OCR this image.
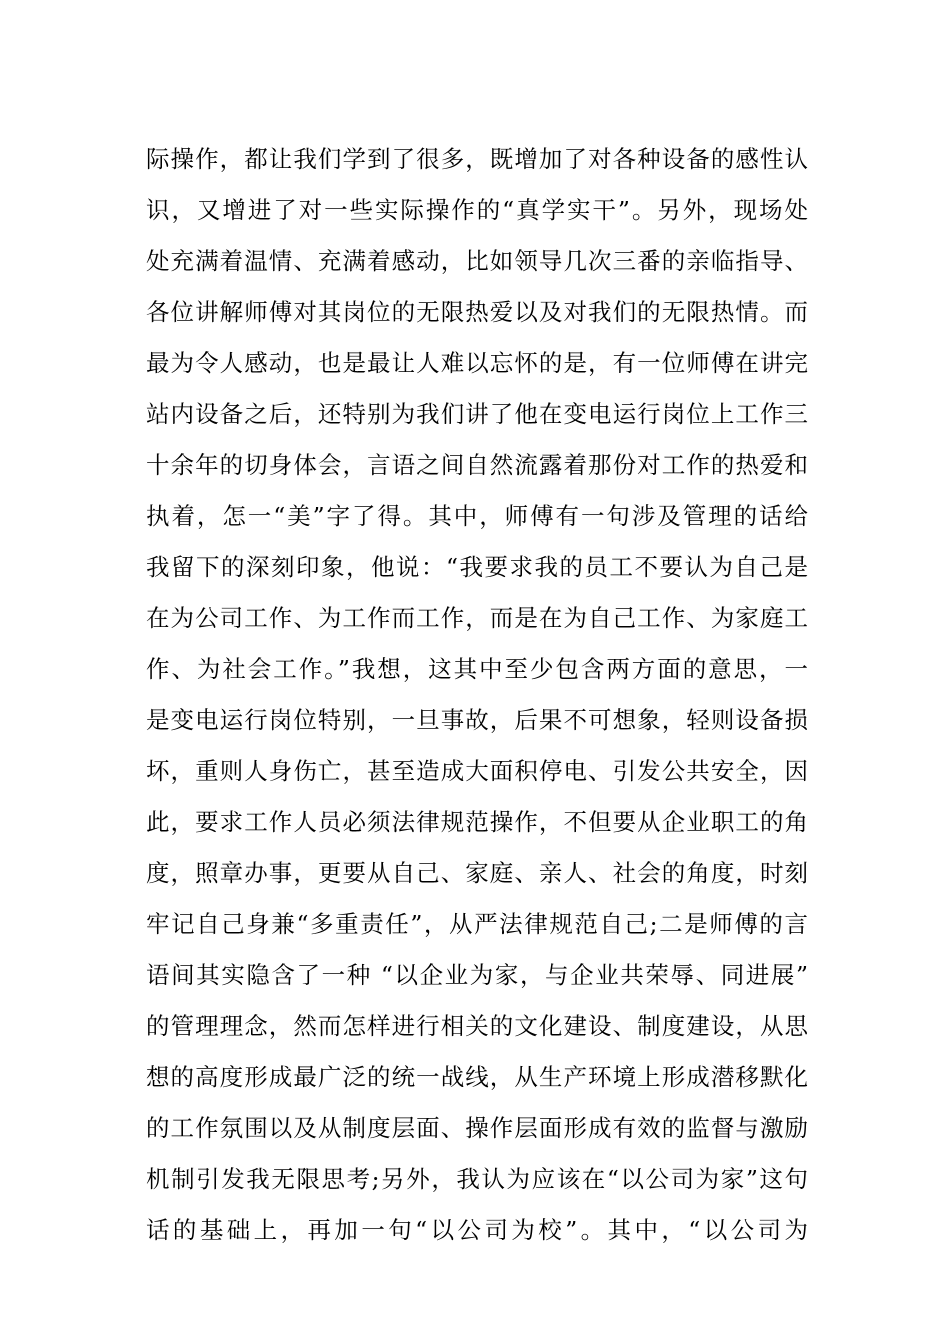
际操作，都让我们学到了很多，既增加了对各种设备的感性认
识，又增进了对一些实际操作的“真学实干”。另外，现场处
处充满着温情、充满着感动，比如领导几次三番的亲临指导、
各位讲解师傅对其岗位的无限热爱以及对我们的无限热情。而
最为令人感动，也是最让人难以忘怀的是，有一位师傅在讲完
站内设备之后，还特别为我们讲了他在变电运行岗位上工作三
十余年的切身体会，言语之间自然流露着那份对工作的热爱和
执着，怎一“美”字了得。其中，师傅有一句涉及管理的话给
我留下的深刻印象，他说：“我要求我的员工不要认为自己是
在为公司工作、为工作而工作，而是在为自己工作、为家庭工
作、为社会工作。”我想，这其中至少包含两方面的意思，一
是变电运行岗位特别，一旦事故，后果不可想象，轻则设备损
坏，重则人身伤亡，甚至造成大面积停电、引发公共安全，因
此，要求工作人员必须法律规范操作，不但要从企业职工的角
度，照章办事，更要从自己、家庭、亲人、社会的角度，时刻
牢记自己身兼“多重责任”，从严法律规范自己;二是师傅的言
语间其实隐含了一种 “以企业为家，与企业共荣辱、同进展”
的管理理念，然而怎样进行相关的文化建设、制度建设，从思
想的高度形成最广泛的统一战线，从生产环境上形成潜移默化
的工作氛围以及从制度层面、操作层面形成有效的监督与激励
机制引发我无限思考;另外，我认为应该在“以公司为家”这句
话的基础上，再加一句“以公司为校”。其中，“以公司为
